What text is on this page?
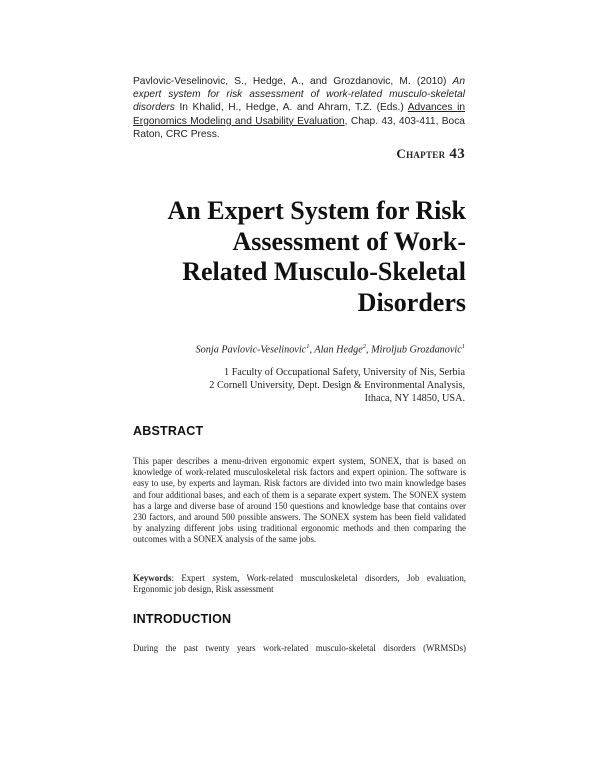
Pavlovic-Veselinovic, S., Hedge, A., and Grozdanovic, M. (2010) An expert system for risk assessment of work-related musculo-skeletal disorders In Khalid, H., Hedge, A. and Ahram, T.Z. (Eds.) Advances in Ergonomics Modeling and Usability Evaluation, Chap. 43, 403-411, Boca Raton, CRC Press.
Chapter 43
An Expert System for Risk
Assessment of Work-
Related Musculo-Skeletal
Disorders
Sonja Pavlovic-Veselinovic$^1$, Alan Hedge$^2$, Miroljub Grozdanovic$^1$
1 Faculty of Occupational Safety, University of Nis, Serbia
2 Cornell University, Dept. Design & Environmental Analysis,
Ithaca, NY 14850, USA.
ABSTRACT
This paper describes a menu-driven ergonomic expert system, SONEX, that is based on knowledge of work-related musculoskeletal risk factors and expert opinion. The software is easy to use, by experts and layman. Risk factors are divided into two main knowledge bases and four additional bases, and each of them is a separate expert system. The SONEX system has a large and diverse base of around 150 questions and knowledge base that contains over 230 factors, and around 500 possible answers. The SONEX system has been field validated by analyzing different jobs using traditional ergonomic methods and then comparing the outcomes with a SONEX analysis of the same jobs.
Keywords: Expert system, Work-related musculoskeletal disorders, Job evaluation, Ergonomic job design, Risk assessment
INTRODUCTION
During the past twenty years work-related musculo-skeletal disorders (WRMSDs)
